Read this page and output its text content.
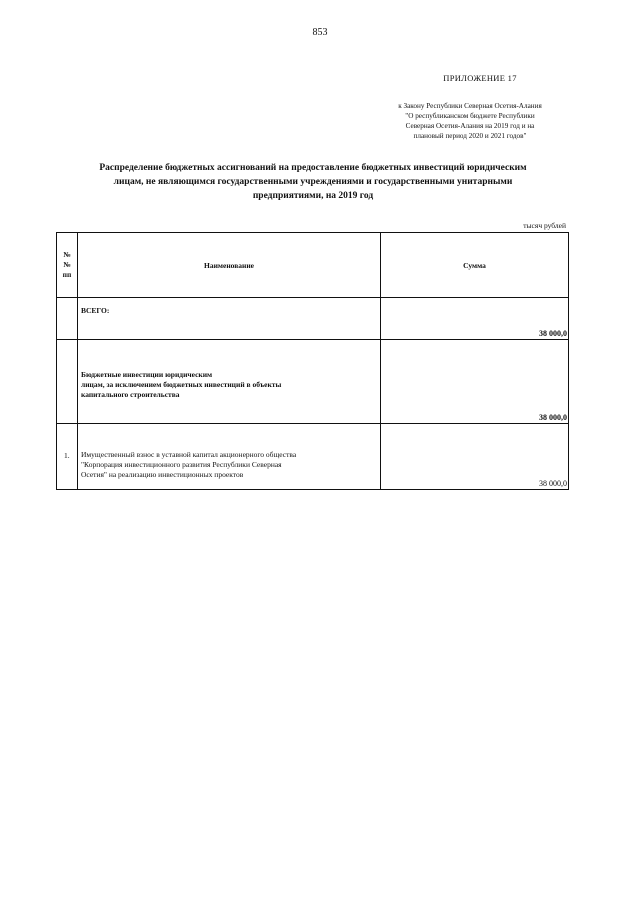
853
ПРИЛОЖЕНИЕ 17
к Закону Республики Северная Осетия-Алания
"О республиканском бюджете Республики
Северная Осетия-Алания на 2019 год и на
плановый период 2020 и 2021 годов"
Распределение бюджетных ассигнований на предоставление бюджетных инвестиций юридическим
лицам, не являющимся государственными учреждениями и государственными унитарными
предприятиями, на 2019 год
тысяч рублей
№
№
пп	Наименование	Сумма

	ВСЕГО:	38 000,0

	Бюджетные инвестиции юридическим
лицам, за исключением бюджетных инвестиций в объекты
капитального строительства	38 000,0

1.	Имущественный взнос в уставной капитал акционерного общества
"Корпорация инвестиционного развития Республики Северная
Осетия" на реализацию инвестиционных проектов	38 000,0
